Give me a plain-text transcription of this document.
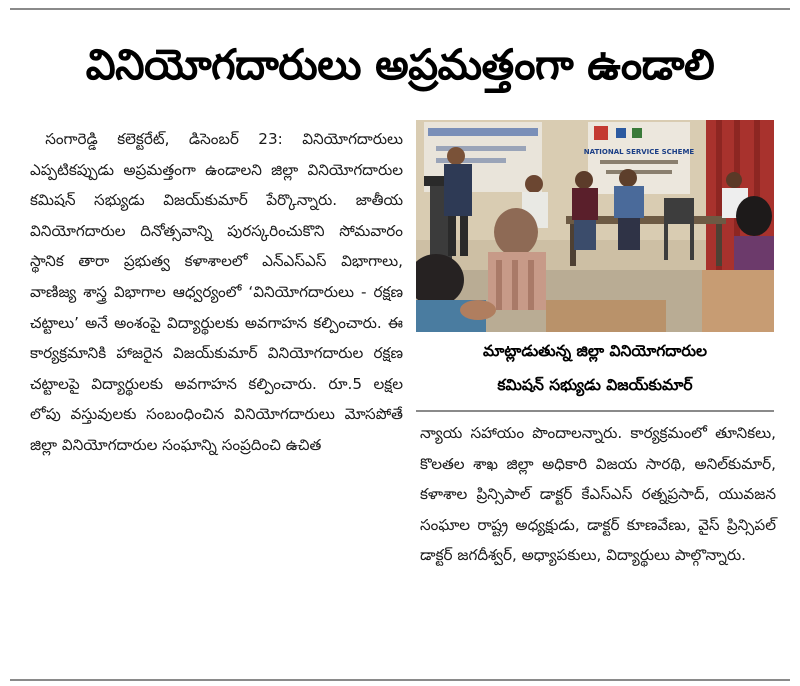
వినియోగదారులు అప్రమత్తంగా ఉండాలి

సంగారెడ్డి కలెక్టరేట్, డిసెంబర్ 23: వినియోగదారులు ఎప్పటికప్పుడు అప్రమత్తంగా ఉండాలని జిల్లా వినియోగదారుల కమిషన్ సభ్యుడు విజయ్‌కుమార్ పేర్కొన్నారు. జాతీయ వినియోగదారుల దినోత్సవాన్ని పురస్కరించుకొని సోమవారం స్థానిక తారా ప్రభుత్వ కళాశాలలో ఎన్ఎస్ఎస్ విభాగాలు, వాణిజ్య శాస్త్ర విభాగాల ఆధ్వర్యంలో ‘వినియోగదారులు - రక్షణ చట్టాలు’ అనే అంశంపై విద్యార్థులకు అవగాహన కల్పించారు. ఈ కార్యక్రమానికి హాజరైన విజయ్‌కుమార్ వినియోగదారుల రక్షణ చట్టాలపై విద్యార్థులకు అవగాహన కల్పించారు. రూ.5 లక్షల లోపు వస్తువులకు సంబంధించిన వినియోగదారులు మోసపోతే జిల్లా వినియోగదారుల సంఘాన్ని సంప్రదించి ఉచిత

NATIONAL SERVICE SCHEME
మాట్లాడుతున్న జిల్లా వినియోగదారుల
కమిషన్ సభ్యుడు విజయ్‌కుమార్

న్యాయ సహాయం పొందాలన్నారు. కార్యక్రమంలో తూనికలు, కొలతల శాఖ జిల్లా అధికారి విజయ సారథి, అనిల్‌కుమార్, కళాశాల ప్రిన్సిపాల్ డాక్టర్ కేఎస్ఎస్ రత్నప్రసాద్, యువజన సంఘాల రాష్ట్ర అధ్యక్షుడు, డాక్టర్ కూణవేణు, వైస్ ప్రిన్సిపల్ డాక్టర్ జగదీశ్వర్, అధ్యాపకులు, విద్యార్థులు పాల్గొన్నారు.
